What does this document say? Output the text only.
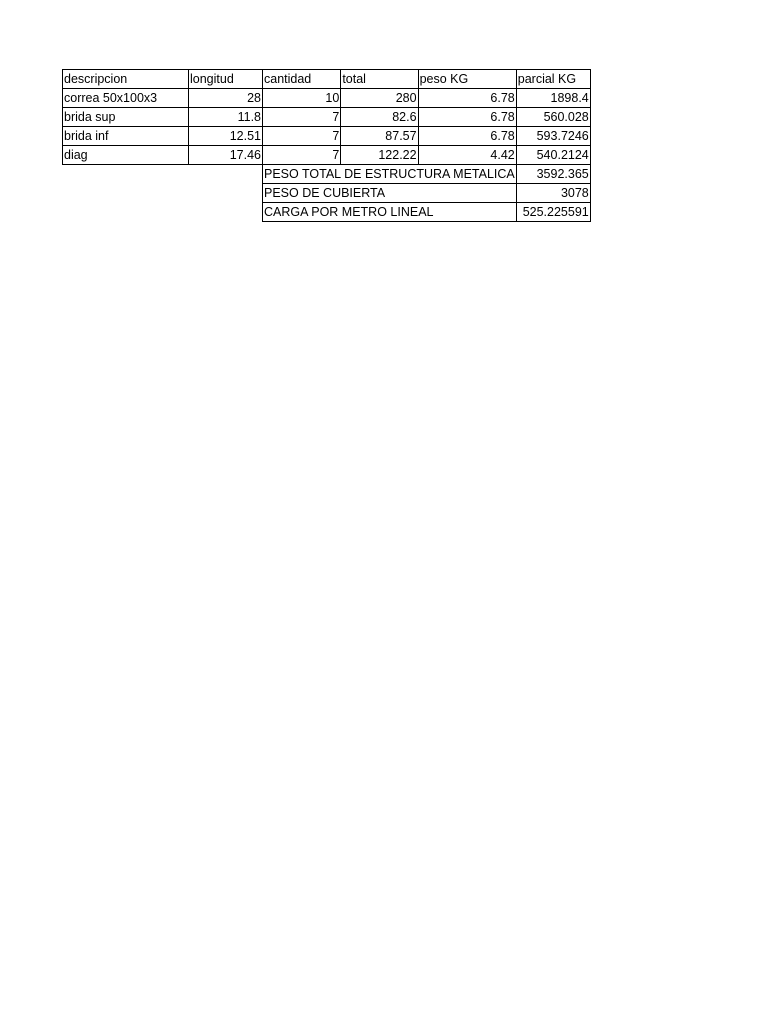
descripcion	longitud	cantidad	total	peso KG	parcial KG
correa 50x100x3	28	10	280	6.78	1898.4
brida sup	11.8	7	82.6	6.78	560.028
brida inf	12.51	7	87.57	6.78	593.7246
diag	17.46	7	122.22	4.42	540.2124
		PESO TOTAL DE ESTRUCTURA METALICA			3592.365
		PESO DE CUBIERTA			3078
		CARGA POR METRO LINEAL			525.225591
